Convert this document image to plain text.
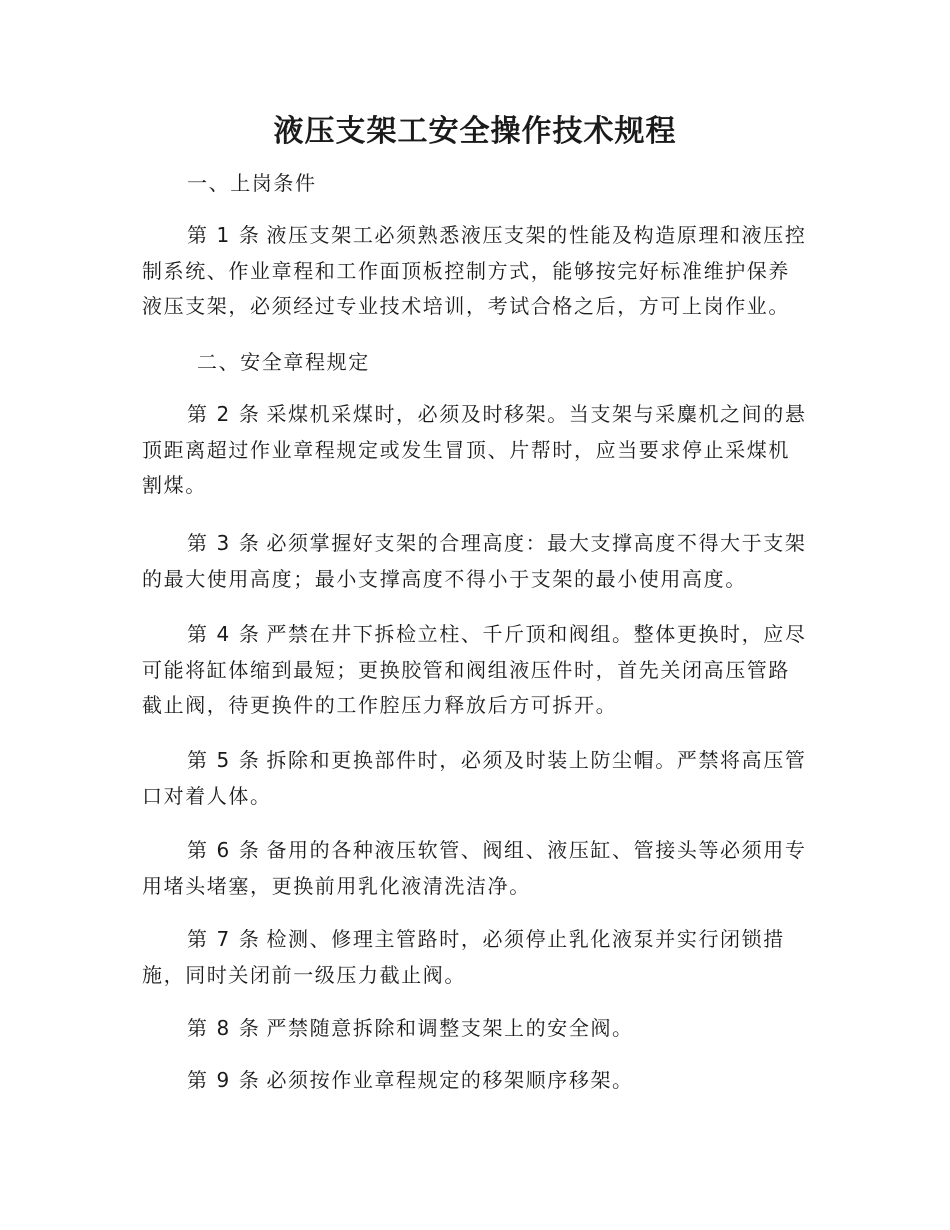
液压支架工安全操作技术规程
一、上岗条件
第 1 条 液压支架工必须熟悉液压支架的性能及构造原理和液压控
制系统、作业章程和工作面顶板控制方式，能够按完好标准维护保养
液压支架，必须经过专业技术培训，考试合格之后，方可上岗作业。
二、安全章程规定
第 2 条 采煤机采煤时，必须及时移架。当支架与采麋机之间的悬
顶距离超过作业章程规定或发生冒顶、片帮时，应当要求停止采煤机
割煤。
第 3 条 必须掌握好支架的合理高度：最大支撑高度不得大于支架
的最大使用高度；最小支撑高度不得小于支架的最小使用高度。
第 4 条 严禁在井下拆检立柱、千斤顶和阀组。整体更换时，应尽
可能将缸体缩到最短；更换胶管和阀组液压件时，首先关闭高压管路
截止阀，待更换件的工作腔压力释放后方可拆开。
第 5 条 拆除和更换部件时，必须及时装上防尘帽。严禁将高压管
口对着人体。
第 6 条 备用的各种液压软管、阀组、液压缸、管接头等必须用专
用堵头堵塞，更换前用乳化液清洗洁净。
第 7 条 检测、修理主管路时，必须停止乳化液泵并实行闭锁措
施，同时关闭前一级压力截止阀。
第 8 条 严禁随意拆除和调整支架上的安全阀。
第 9 条 必须按作业章程规定的移架顺序移架。
